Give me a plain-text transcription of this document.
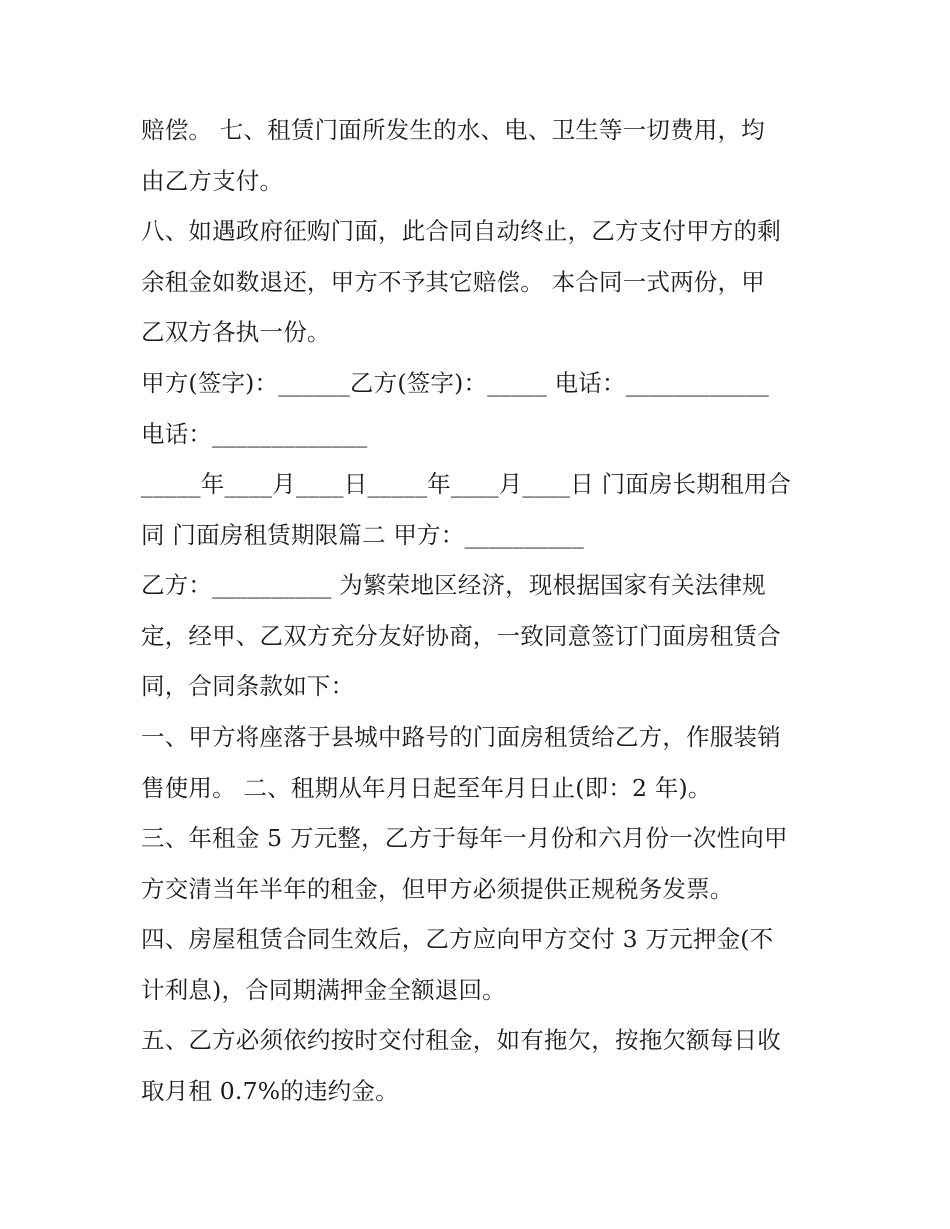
赔偿。 七、租赁门面所发生的水、电、卫生等一切费用，均
由乙方支付。
八、如遇政府征购门面，此合同自动终止，乙方支付甲方的剩
余租金如数退还，甲方不予其它赔偿。 本合同一式两份，甲
乙双方各执一份。
甲方(签字)：______乙方(签字)：_____ 电话：____________
电话：_____________
_____年____月____日_____年____月____日 门面房长期租用合
同 门面房租赁期限篇二 甲方：__________
乙方：__________ 为繁荣地区经济，现根据国家有关法律规
定，经甲、乙双方充分友好协商，一致同意签订门面房租赁合
同，合同条款如下：
一、甲方将座落于县城中路号的门面房租赁给乙方，作服装销
售使用。 二、租期从年月日起至年月日止(即：2 年)。
三、年租金 5 万元整，乙方于每年一月份和六月份一次性向甲
方交清当年半年的租金，但甲方必须提供正规税务发票。
四、房屋租赁合同生效后，乙方应向甲方交付 3 万元押金(不
计利息)，合同期满押金全额退回。
五、乙方必须依约按时交付租金，如有拖欠，按拖欠额每日收
取月租 0.7%的违约金。
